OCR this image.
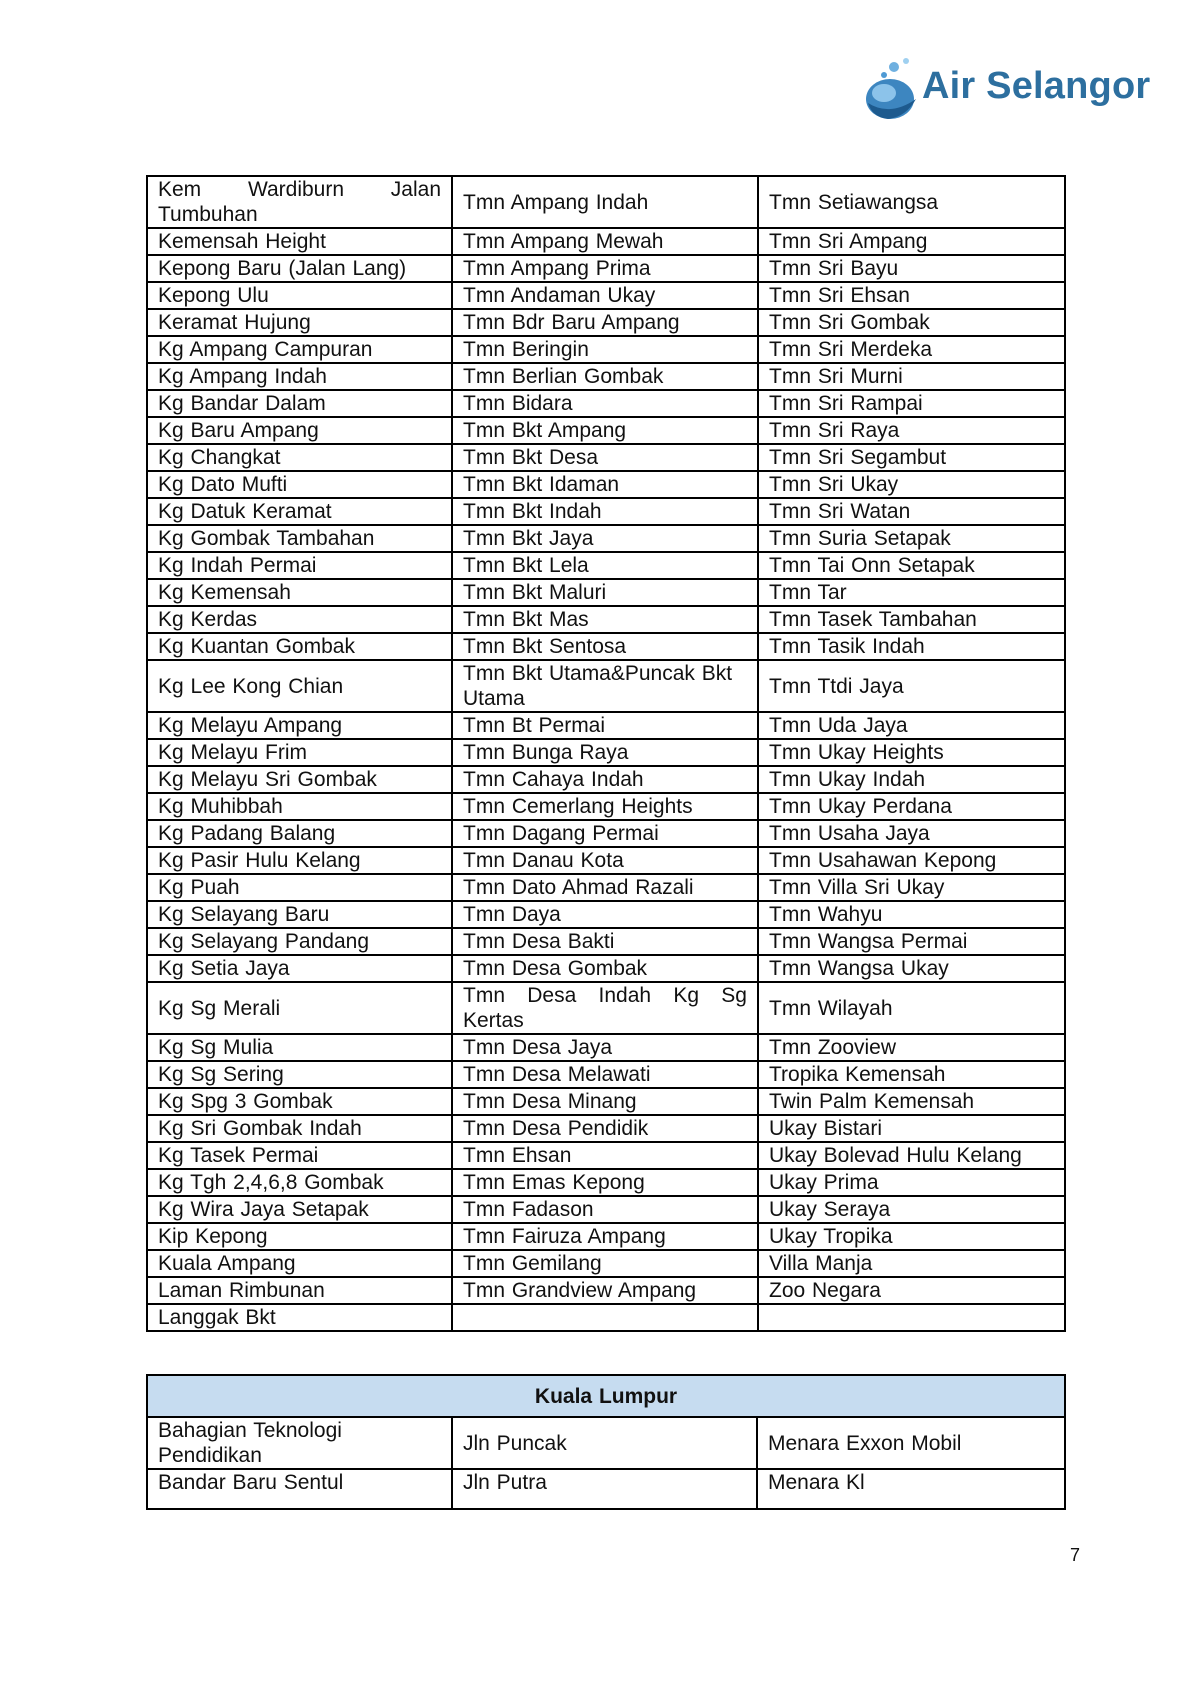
Air Selangor
Kem Wardiburn Jalan Tumbuhan	Tmn Ampang Indah	Tmn Setiawangsa
Kemensah Height	Tmn Ampang Mewah	Tmn Sri Ampang
Kepong Baru (Jalan Lang)	Tmn Ampang Prima	Tmn Sri Bayu
Kepong Ulu	Tmn Andaman Ukay	Tmn Sri Ehsan
Keramat Hujung	Tmn Bdr Baru Ampang	Tmn Sri Gombak
Kg Ampang Campuran	Tmn Beringin	Tmn Sri Merdeka
Kg Ampang Indah	Tmn Berlian Gombak	Tmn Sri Murni
Kg Bandar Dalam	Tmn Bidara	Tmn Sri Rampai
Kg Baru Ampang	Tmn Bkt Ampang	Tmn Sri Raya
Kg Changkat	Tmn Bkt Desa	Tmn Sri Segambut
Kg Dato Mufti	Tmn Bkt Idaman	Tmn Sri Ukay
Kg Datuk Keramat	Tmn Bkt Indah	Tmn Sri Watan
Kg Gombak Tambahan	Tmn Bkt Jaya	Tmn Suria Setapak
Kg Indah Permai	Tmn Bkt Lela	Tmn Tai Onn Setapak
Kg Kemensah	Tmn Bkt Maluri	Tmn Tar
Kg Kerdas	Tmn Bkt Mas	Tmn Tasek Tambahan
Kg Kuantan Gombak	Tmn Bkt Sentosa	Tmn Tasik Indah
Kg Lee Kong Chian	Tmn Bkt Utama&Puncak Bkt Utama	Tmn Ttdi Jaya
Kg Melayu Ampang	Tmn Bt Permai	Tmn Uda Jaya
Kg Melayu Frim	Tmn Bunga Raya	Tmn Ukay Heights
Kg Melayu Sri Gombak	Tmn Cahaya Indah	Tmn Ukay Indah
Kg Muhibbah	Tmn Cemerlang Heights	Tmn Ukay Perdana
Kg Padang Balang	Tmn Dagang Permai	Tmn Usaha Jaya
Kg Pasir Hulu Kelang	Tmn Danau Kota	Tmn Usahawan Kepong
Kg Puah	Tmn Dato Ahmad Razali	Tmn Villa Sri Ukay
Kg Selayang Baru	Tmn Daya	Tmn Wahyu
Kg Selayang Pandang	Tmn Desa Bakti	Tmn Wangsa Permai
Kg Setia Jaya	Tmn Desa Gombak	Tmn Wangsa Ukay
Kg Sg Merali	Tmn Desa Indah Kg Sg Kertas	Tmn Wilayah
Kg Sg Mulia	Tmn Desa Jaya	Tmn Zooview
Kg Sg Sering	Tmn Desa Melawati	Tropika Kemensah
Kg Spg 3 Gombak	Tmn Desa Minang	Twin Palm Kemensah
Kg Sri Gombak Indah	Tmn Desa Pendidik	Ukay Bistari
Kg Tasek Permai	Tmn Ehsan	Ukay Bolevad Hulu Kelang
Kg Tgh 2,4,6,8 Gombak	Tmn Emas Kepong	Ukay Prima
Kg Wira Jaya Setapak	Tmn Fadason	Ukay Seraya
Kip Kepong	Tmn Fairuza Ampang	Ukay Tropika
Kuala Ampang	Tmn Gemilang	Villa Manja
Laman Rimbunan	Tmn Grandview Ampang	Zoo Negara
Langgak Bkt		
Kuala Lumpur		
Bahagian Teknologi Pendidikan	Jln Puncak	Menara Exxon Mobil
Bandar Baru Sentul	Jln Putra	Menara Kl
7
